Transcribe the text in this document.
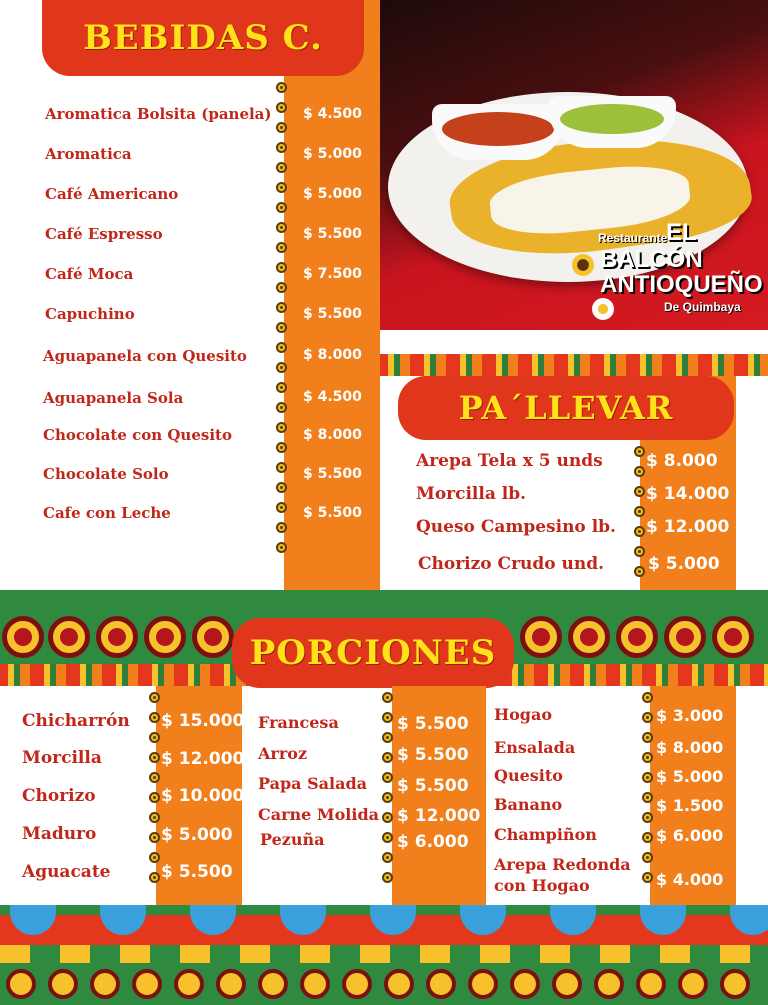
BEBIDAS C.
Aromatica Bolsita (panela) $ 4.500
Aromatica	$ 5.000
Café Americano	$ 5.000
Café Espresso	$ 5.500
Café Moca	$ 7.500
Capuchino	$ 5.500
Aguapanela con Quesito	$ 8.000
Aguapanela Sola	$ 4.500
Chocolate con Quesito	$ 8.000
Chocolate Solo	$ 5.500
Cafe con Leche	$ 5.500
Restaurante
EL
BALCÓN
ANTIOQUEÑO
De Quimbaya
PA´LLEVAR
Arepa Tela x 5 unds	$ 8.000
Morcilla lb.	$ 14.000
Queso Campesino lb. $ 12.000
Chorizo Crudo und.	$ 5.000
PORCIONES
Chicharrón $ 15.000
Morcilla	$ 12.000
Chorizo	$ 10.000
Maduro	$ 5.000
Aguacate	$ 5.500
Francesa	$ 5.500
Arroz	$ 5.500
Papa Salada $ 5.500
Carne Molida $ 12.000
Pezuña	$ 6.000
Hogao	$ 3.000
Ensalada	$ 8.000
Quesito	$ 5.000
Banano	$ 1.500
Champiñon	$ 6.000
Arepa Redonda
con Hogao	$ 4.000
